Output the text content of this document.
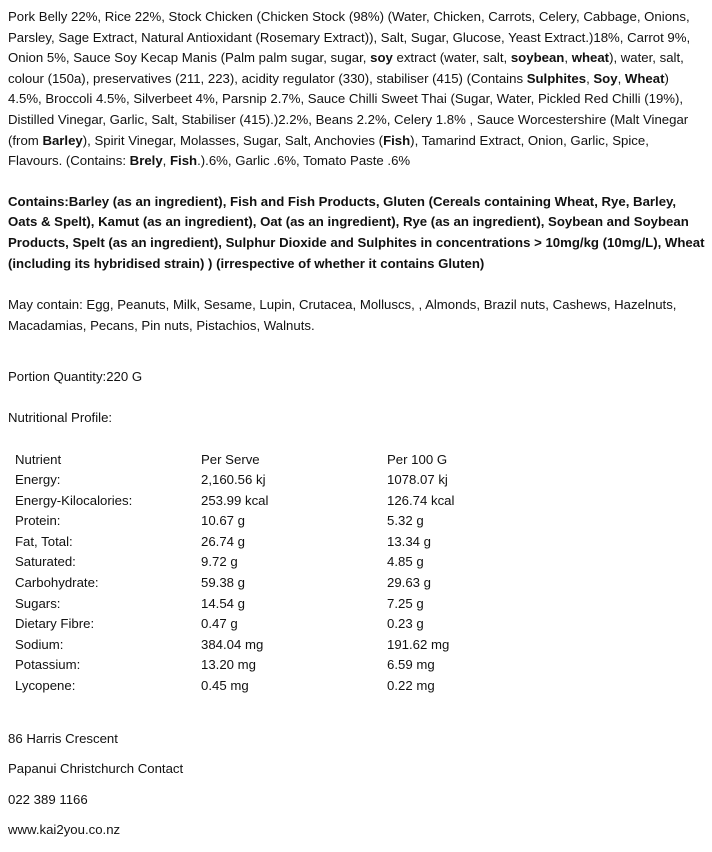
Pork Belly 22%, Rice 22%, Stock Chicken (Chicken Stock (98%) (Water, Chicken, Carrots, Celery, Cabbage, Onions, Parsley, Sage Extract, Natural Antioxidant (Rosemary Extract)), Salt, Sugar, Glucose, Yeast Extract.)18%, Carrot 9%, Onion 5%, Sauce Soy Kecap Manis (Palm palm sugar, sugar, soy extract (water, salt, soybean, wheat), water, salt, colour (150a), preservatives (211, 223), acidity regulator (330), stabiliser (415) (Contains Sulphites, Soy, Wheat) 4.5%, Broccoli 4.5%, Silverbeet 4%, Parsnip 2.7%, Sauce Chilli Sweet Thai (Sugar, Water, Pickled Red Chilli (19%), Distilled Vinegar, Garlic, Salt, Stabiliser (415).)2.2%, Beans 2.2%, Celery 1.8% , Sauce Worcestershire (Malt Vinegar (from Barley), Spirit Vinegar, Molasses, Sugar, Salt, Anchovies (Fish), Tamarind Extract, Onion, Garlic, Spice, Flavours. (Contains: Brely, Fish.).6%, Garlic .6%, Tomato Paste .6%

Contains:Barley (as an ingredient), Fish and Fish Products, Gluten (Cereals containing Wheat, Rye, Barley, Oats & Spelt), Kamut (as an ingredient), Oat (as an ingredient), Rye (as an ingredient), Soybean and Soybean Products, Spelt (as an ingredient), Sulphur Dioxide and Sulphites in concentrations > 10mg/kg (10mg/L), Wheat (including its hybridised strain) ) (irrespective of whether it contains Gluten)

May contain: Egg, Peanuts, Milk, Sesame, Lupin, Crutacea, Molluscs, , Almonds, Brazil nuts, Cashews, Hazelnuts, Macadamias, Pecans, Pin nuts, Pistachios, Walnuts.

Portion Quantity:220 G

Nutritional Profile:

Nutrient	Per Serve	Per 100 G
Energy:	2,160.56 kj	1078.07 kj
Energy-Kilocalories:	253.99 kcal	126.74 kcal
Protein:	10.67 g	5.32 g
Fat, Total:	26.74 g	13.34 g
Saturated:	9.72 g	4.85 g
Carbohydrate:	59.38 g	29.63 g
Sugars:	14.54 g	7.25 g
Dietary Fibre:	0.47 g	0.23 g
Sodium:	384.04 mg	191.62 mg
Potassium:	13.20 mg	6.59 mg
Lycopene:	0.45 mg	0.22 mg

86 Harris Crescent

Papanui Christchurch Contact

022 389 1166

www.kai2you.co.nz
